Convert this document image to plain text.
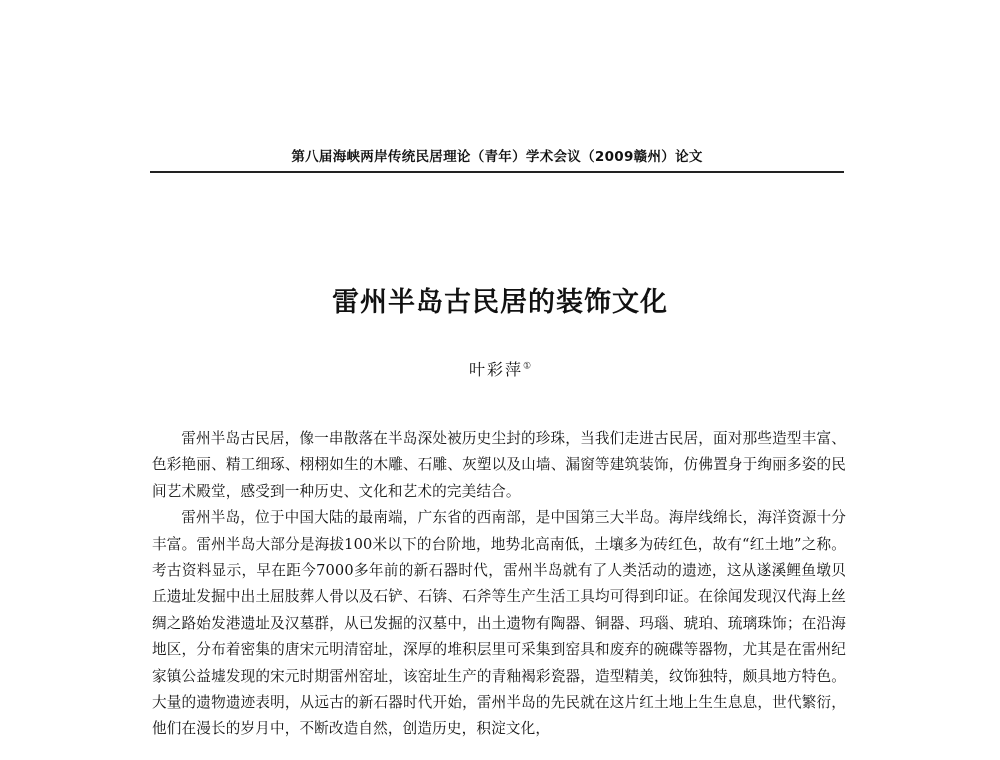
第八届海峡两岸传统民居理论（青年）学术会议（2009赣州）论文
雷州半岛古民居的装饰文化
叶彩萍①

雷州半岛古民居，像一串散落在半岛深处被历史尘封的珍珠，当我们走进古民居，面对那些造型丰富、色彩艳丽、精工细琢、栩栩如生的木雕、石雕、灰塑以及山墙、漏窗等建筑装饰，仿佛置身于绚丽多姿的民间艺术殿堂，感受到一种历史、文化和艺术的完美结合。

雷州半岛，位于中国大陆的最南端，广东省的西南部，是中国第三大半岛。海岸线绵长，海洋资源十分丰富。雷州半岛大部分是海拔100米以下的台阶地，地势北高南低，土壤多为砖红色，故有“红土地”之称。考古资料显示，早在距今7000多年前的新石器时代，雷州半岛就有了人类活动的遗迹，这从遂溪鲤鱼墩贝丘遗址发掘中出土屈肢葬人骨以及石铲、石锛、石斧等生产生活工具均可得到印证。在徐闻发现汉代海上丝绸之路始发港遗址及汉墓群，从已发掘的汉墓中，出土遗物有陶器、铜器、玛瑙、琥珀、琉璃珠饰；在沿海地区，分布着密集的唐宋元明清窑址，深厚的堆积层里可采集到窑具和废弃的碗碟等器物，尤其是在雷州纪家镇公益墟发现的宋元时期雷州窑址，该窑址生产的青釉褐彩瓷器，造型精美，纹饰独特，颇具地方特色。大量的遗物遗迹表明，从远古的新石器时代开始，雷州半岛的先民就在这片红土地上生生息息，世代繁衍，他们在漫长的岁月中，不断改造自然，创造历史，积淀文化，
